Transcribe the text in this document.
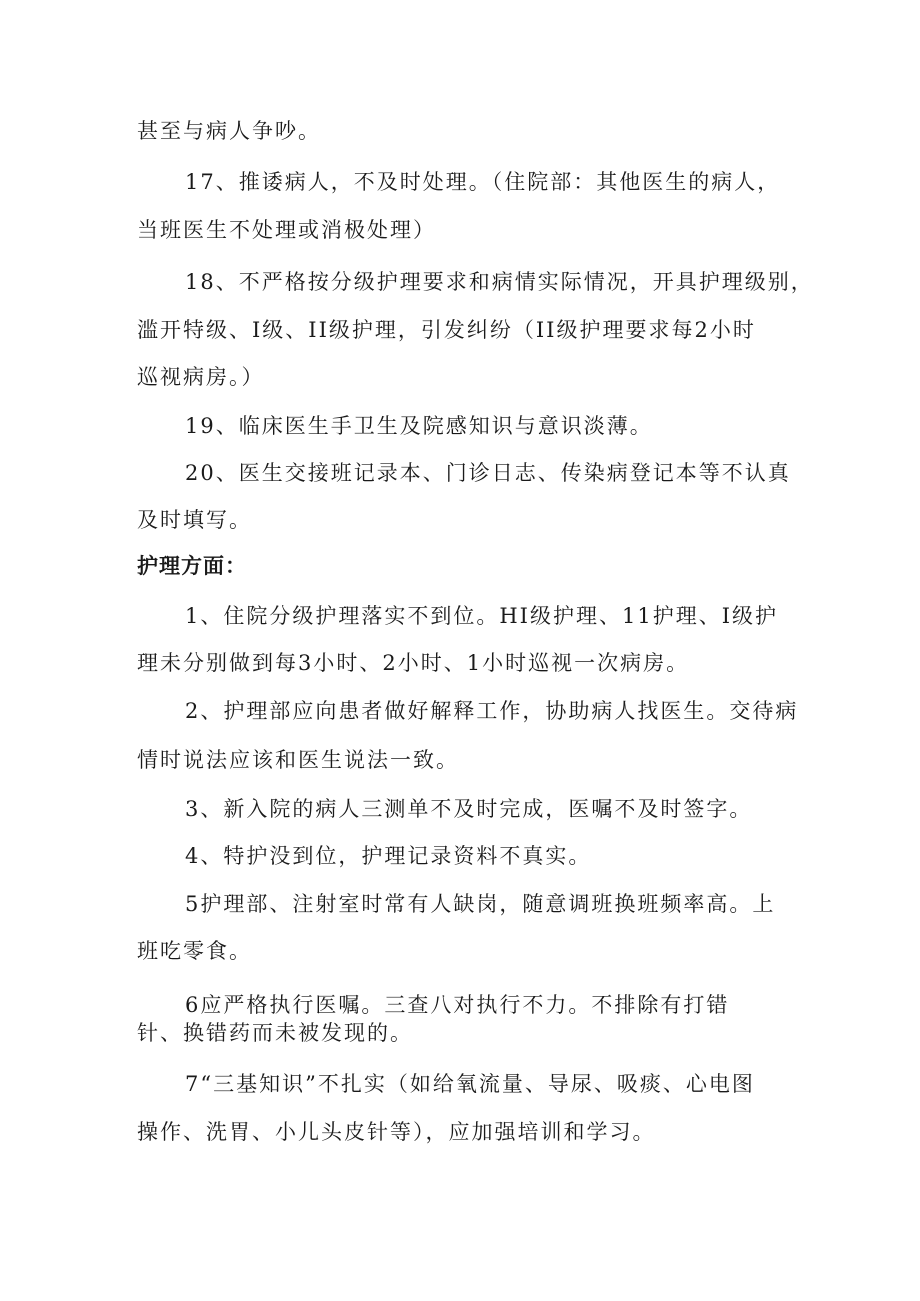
甚至与病人争吵。
17、推诿病人，不及时处理。（住院部：其他医生的病人，
当班医生不处理或消极处理）
18、不严格按分级护理要求和病情实际情况，开具护理级别，
滥开特级、I级、II级护理，引发纠纷（II级护理要求每2小时
巡视病房。）
19、临床医生手卫生及院感知识与意识淡薄。
20、医生交接班记录本、门诊日志、传染病登记本等不认真
及时填写。
护理方面：
1、住院分级护理落实不到位。HI级护理、11护理、I级护
理未分别做到每3小时、2小时、1小时巡视一次病房。
2、护理部应向患者做好解释工作，协助病人找医生。交待病
情时说法应该和医生说法一致。
3、新入院的病人三测单不及时完成，医嘱不及时签字。
4、特护没到位，护理记录资料不真实。
5护理部、注射室时常有人缺岗，随意调班换班频率高。上
班吃零食。
6应严格执行医嘱。三查八对执行不力。不排除有打错
针、换错药而未被发现的。
7“三基知识”不扎实（如给氧流量、导尿、吸痰、心电图
操作、洗胃、小儿头皮针等），应加强培训和学习。
